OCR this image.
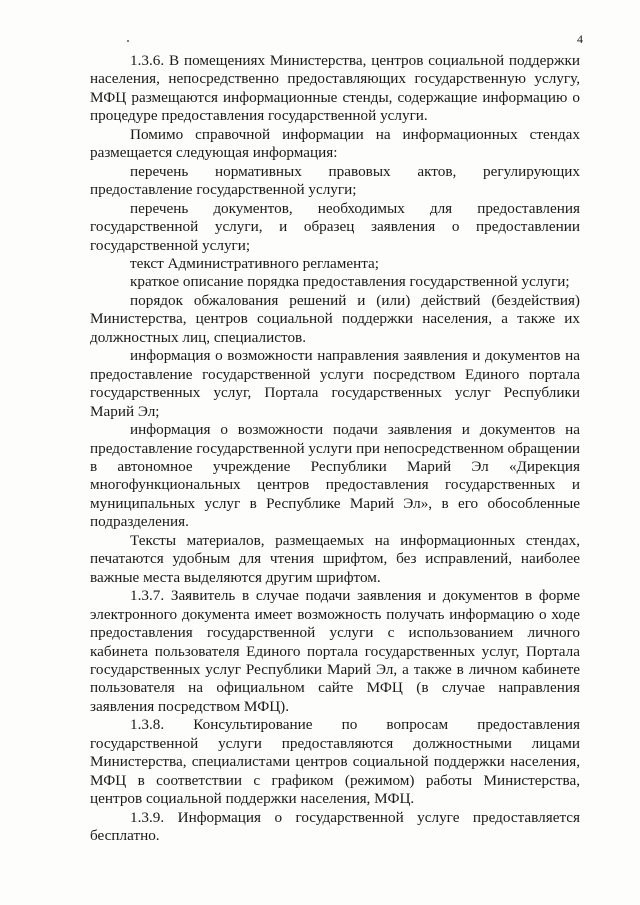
4

1.3.6. В помещениях Министерства, центров социальной поддержки населения, непосредственно предоставляющих государственную услугу, МФЦ размещаются информационные стенды, содержащие информацию о процедуре предоставления государственной услуги.

Помимо справочной информации на информационных стендах размещается следующая информация:

перечень нормативных правовых актов, регулирующих предоставление государственной услуги;

перечень документов, необходимых для предоставления государственной услуги, и образец заявления о предоставлении государственной услуги;

текст Административного регламента;

краткое описание порядка предоставления государственной услуги;

порядок обжалования решений и (или) действий (бездействия) Министерства, центров социальной поддержки населения, а также их должностных лиц, специалистов.

информация о возможности направления заявления и документов на предоставление государственной услуги посредством Единого портала государственных услуг, Портала государственных услуг Республики Марий Эл;

информация о возможности подачи заявления и документов на предоставление государственной услуги при непосредственном обращении в автономное учреждение Республики Марий Эл «Дирекция многофункциональных центров предоставления государственных и муниципальных услуг в Республике Марий Эл», в его обособленные подразделения.

Тексты материалов, размещаемых на информационных стендах, печатаются удобным для чтения шрифтом, без исправлений, наиболее важные места выделяются другим шрифтом.

1.3.7. Заявитель в случае подачи заявления и документов в форме электронного документа имеет возможность получать информацию о ходе предоставления государственной услуги с использованием личного кабинета пользователя Единого портала государственных услуг, Портала государственных услуг Республики Марий Эл, а также в личном кабинете пользователя на официальном сайте МФЦ (в случае направления заявления посредством МФЦ).

1.3.8. Консультирование по вопросам предоставления государственной услуги предоставляются должностными лицами Министерства, специалистами центров социальной поддержки населения, МФЦ в соответствии с графиком (режимом) работы Министерства, центров социальной поддержки населения, МФЦ.

1.3.9. Информация о государственной услуге предоставляется бесплатно.
